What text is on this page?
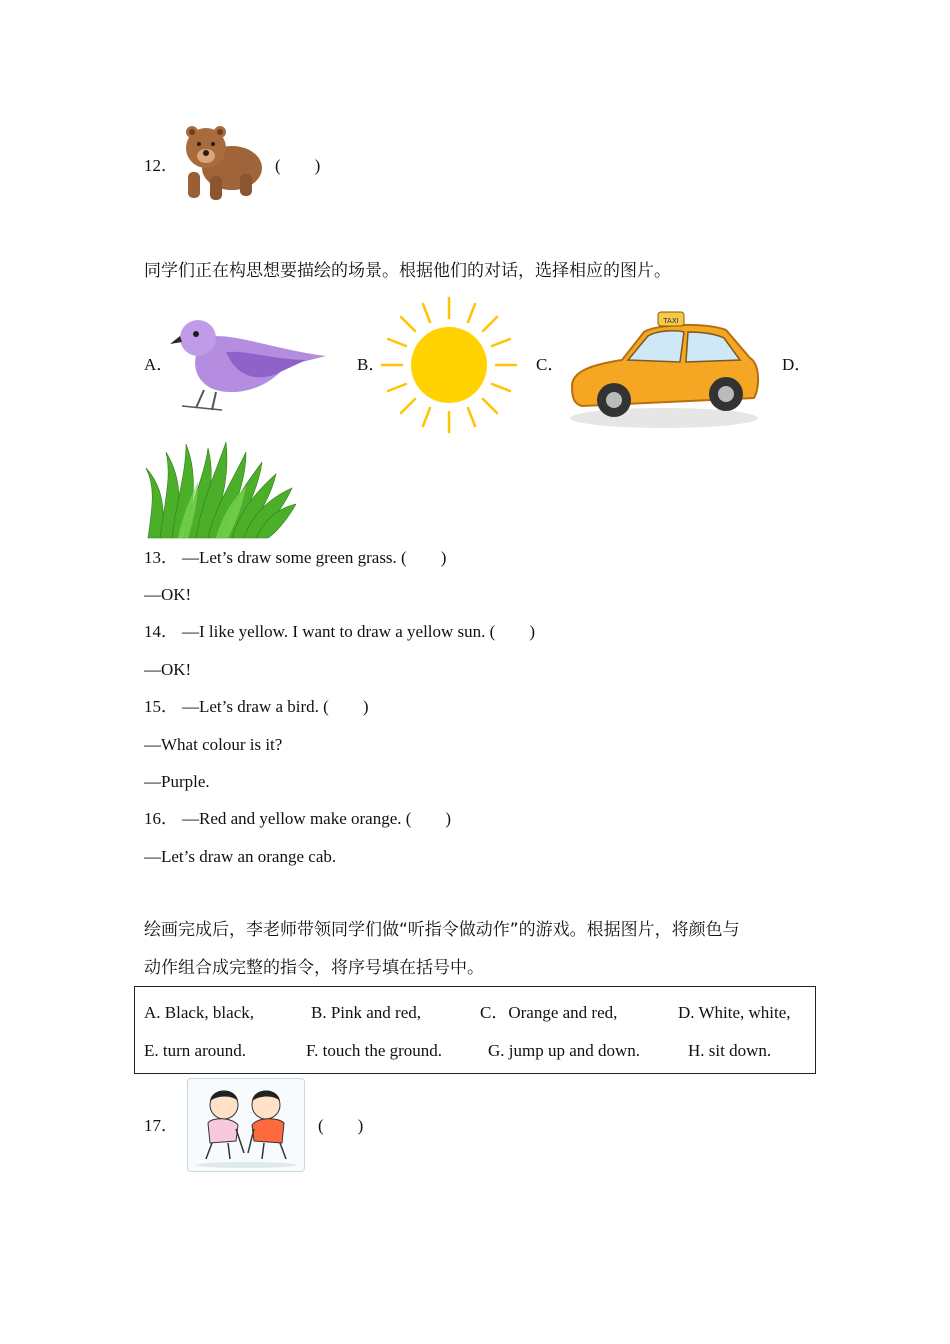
12．	(　　)
同学们正在构思想要描绘的场景。根据他们的对话，选择相应的图片。
A．	B．	C．
TAXI
D．
13． —Let’s draw some green grass. (　　)
—OK!
14． —I like yellow. I want to draw a yellow sun. (　　)
—OK!
15． —Let’s draw a bird. (　　)
—What colour is it?
—Purple.
16． —Red and yellow make orange. (　　)
—Let’s draw an orange cab.
绘画完成后，李老师带领同学们做“听指令做动作”的游戏。根据图片，将颜色与
动作组合成完整的指令，将序号填在括号中。
A. Black, black,	B. Pink and red,	C．Orange and red,	D. White, white,
E. turn around.	F. touch the ground.	G. jump up and down.	H. sit down.
17．	(　　)
